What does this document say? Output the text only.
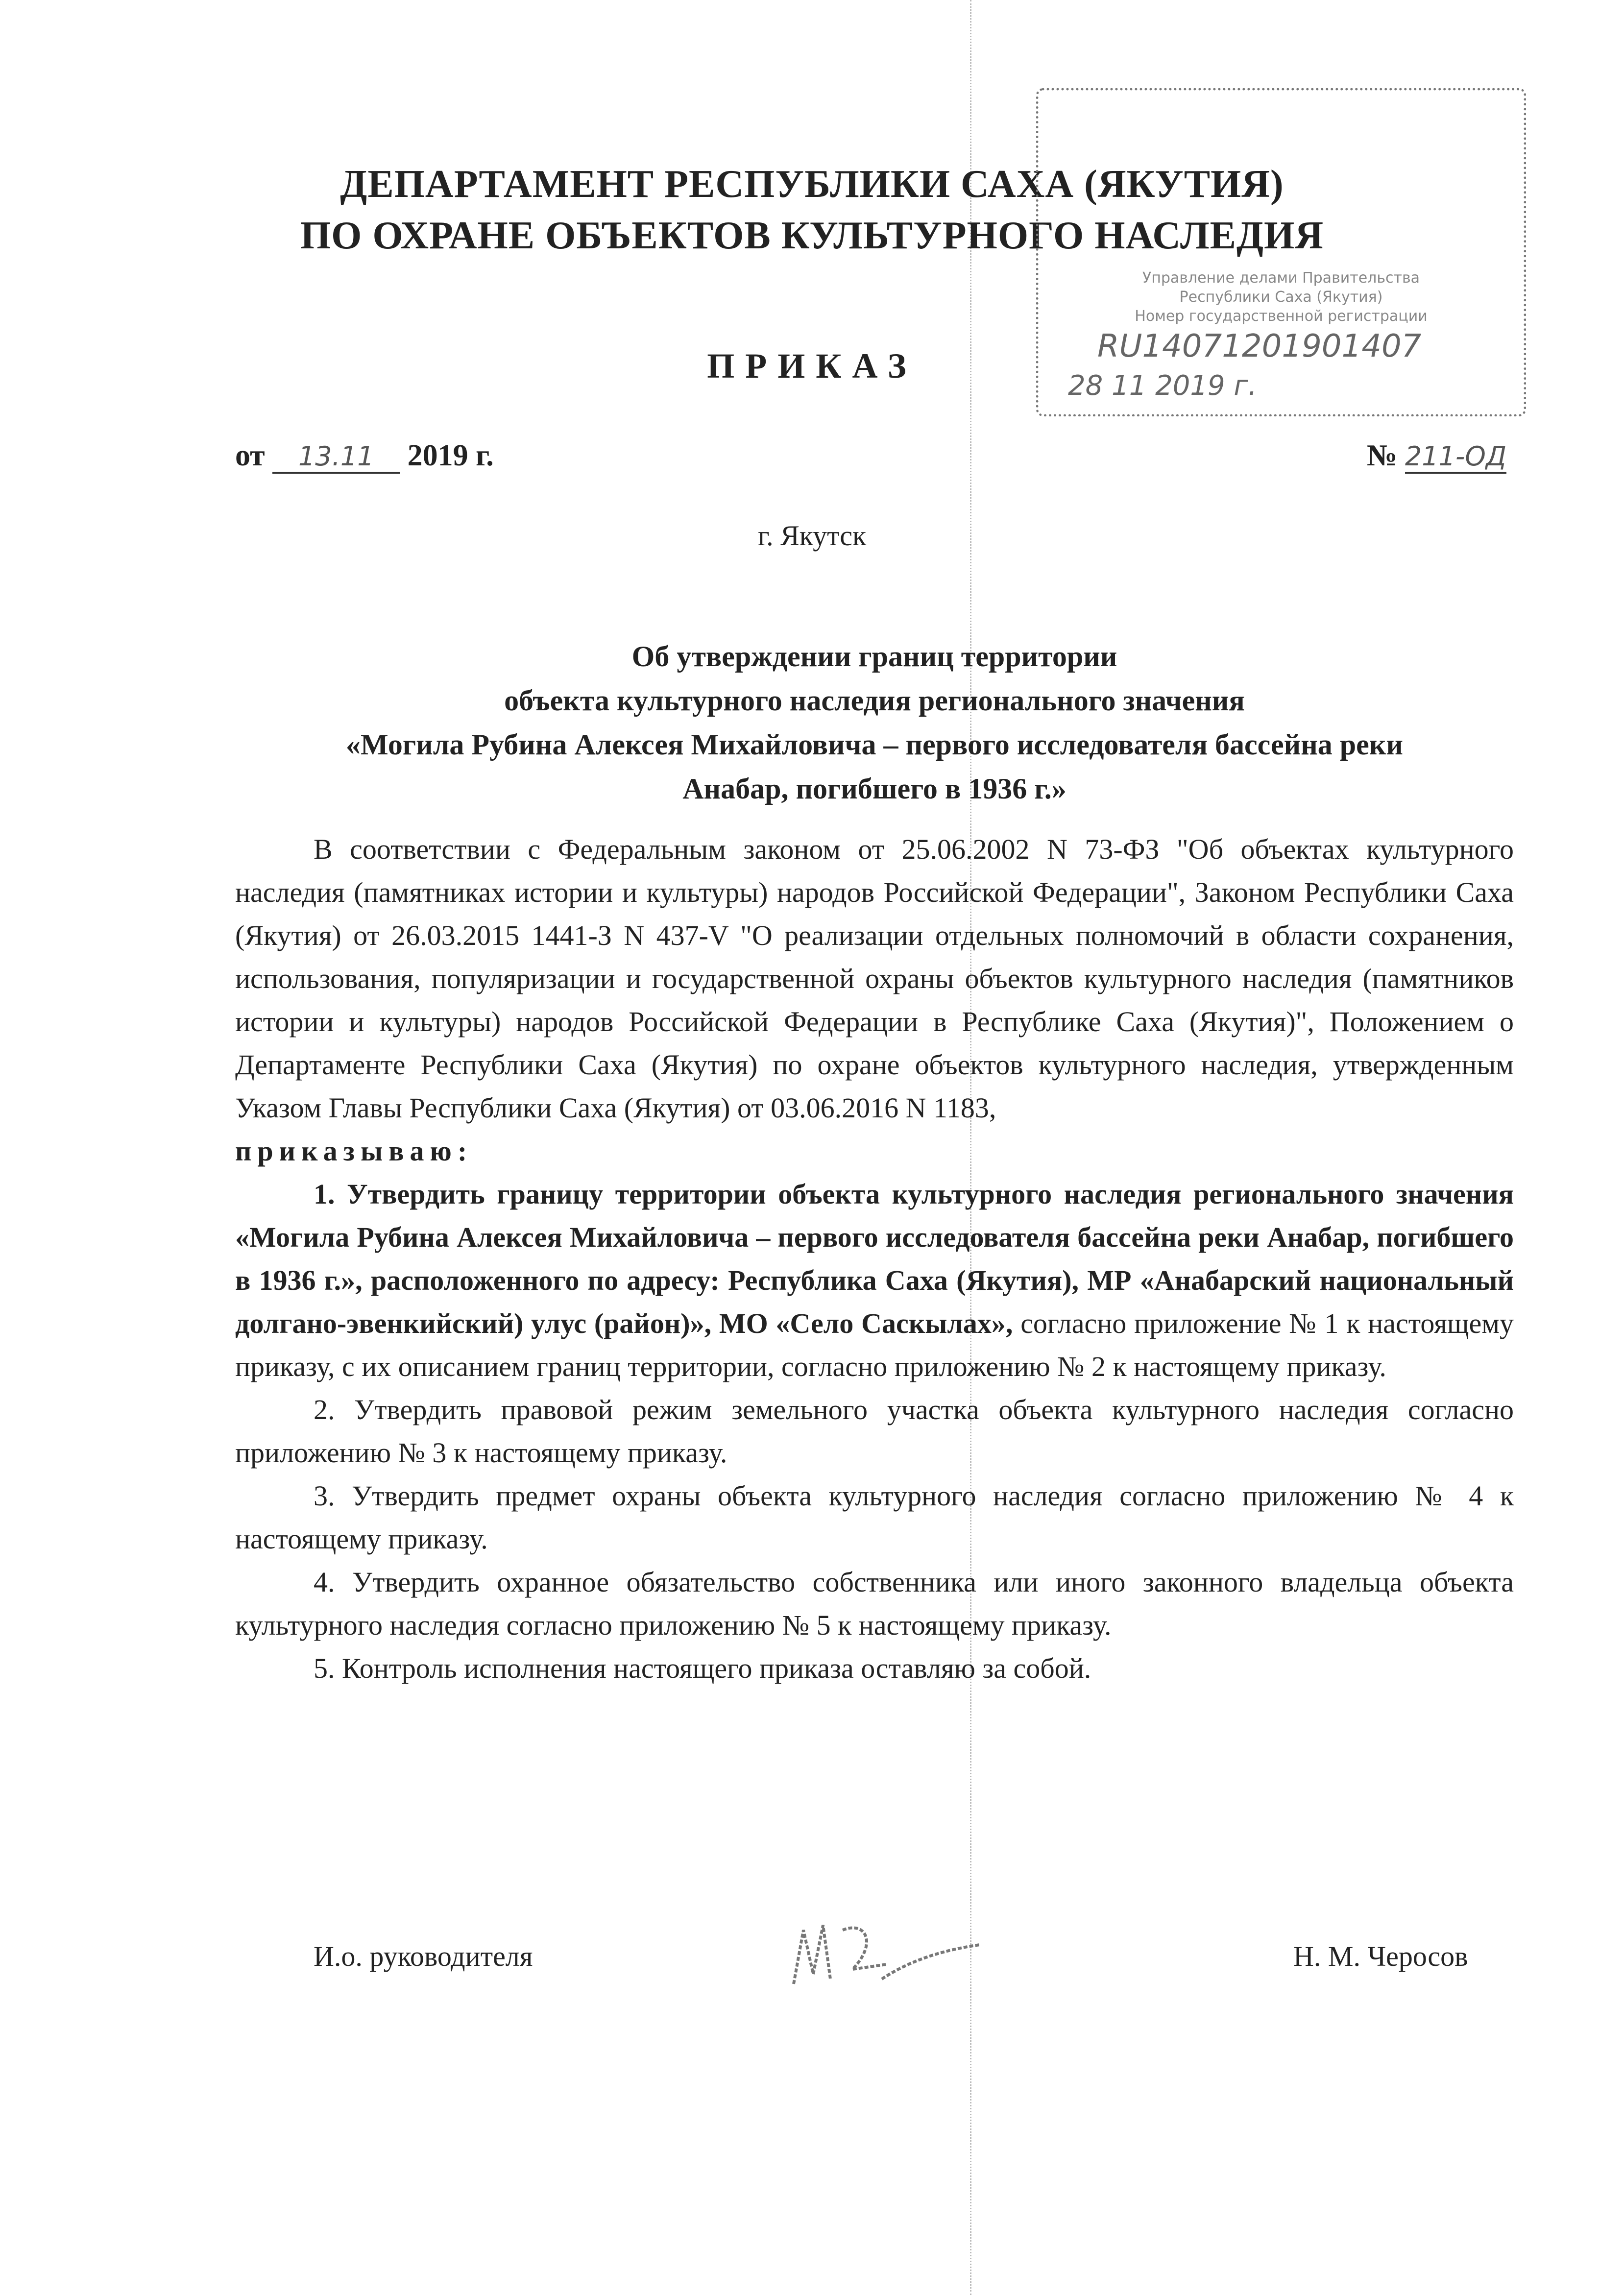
ДЕПАРТАМЕНТ РЕСПУБЛИКИ САХА (ЯКУТИЯ)
ПО ОХРАНЕ ОБЪЕКТОВ КУЛЬТУРНОГО НАСЛЕДИЯ
Управление делами Правительства
Республики Саха (Якутия)
Номер государственной регистрации
RU14071201901407
28 11 2019 г.
ПРИКАЗ
от 13.11 2019 г.	№ 211-ОД
г. Якутск
Об утверждении границ территории
объекта культурного наследия регионального значения
«Могила Рубина Алексея Михайловича – первого исследователя бассейна реки
Анабар, погибшего в 1936 г.»

В соответствии с Федеральным законом от 25.06.2002 N 73-ФЗ "Об объектах культурного наследия (памятниках истории и культуры) народов Российской Федерации", Законом Республики Саха (Якутия) от 26.03.2015 1441-З N 437-V "О реализации отдельных полномочий в области сохранения, использования, популяризации и государственной охраны объектов культурного наследия (памятников истории и культуры) народов Российской Федерации в Республике Саха (Якутия)", Положением о Департаменте Республики Саха (Якутия) по охране объектов культурного наследия, утвержденным Указом Главы Республики Саха (Якутия) от 03.06.2016 N 1183,

приказываю:

1. Утвердить границу территории объекта культурного наследия регионального значения «Могила Рубина Алексея Михайловича – первого исследователя бассейна реки Анабар, погибшего в 1936 г.», расположенного по адресу: Республика Саха (Якутия), МР «Анабарский национальный долгано-эвенкийский) улус (район)», МО «Село Саскылах», согласно приложение № 1 к настоящему приказу, с их описанием границ территории, согласно приложению № 2 к настоящему приказу.

2. Утвердить правовой режим земельного участка объекта культурного наследия согласно приложению № 3 к настоящему приказу.

3. Утвердить предмет охраны объекта культурного наследия согласно приложению № 4 к настоящему приказу.

4. Утвердить охранное обязательство собственника или иного законного владельца объекта культурного наследия согласно приложению № 5 к настоящему приказу.

5. Контроль исполнения настоящего приказа оставляю за собой.

И.о. руководителя	Н. М. Чеpосов
